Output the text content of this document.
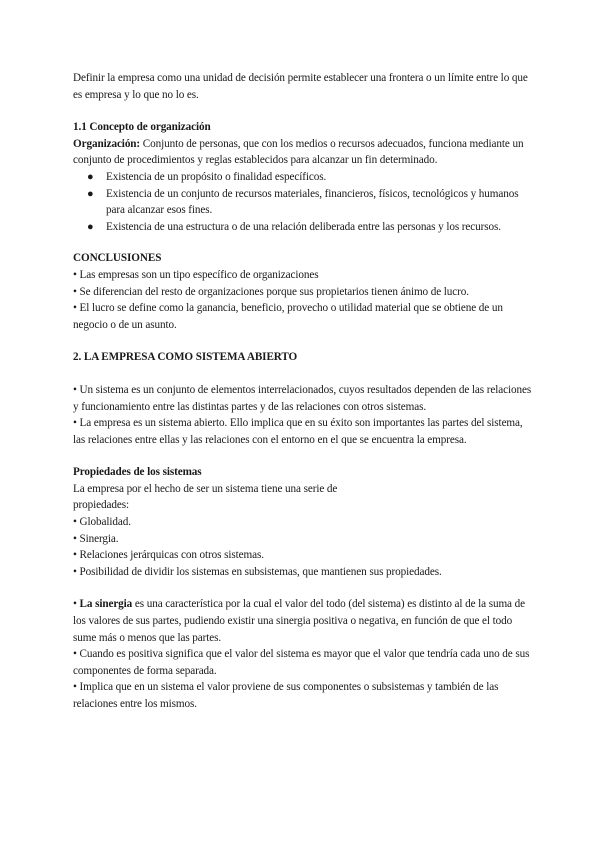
Definir la empresa como una unidad de decisión permite establecer una frontera o un límite entre lo que es empresa y lo que no lo es.

1.1 Concepto de organización

Organización: Conjunto de personas, que con los medios o recursos adecuados, funciona mediante un conjunto de procedimientos y reglas establecidos para alcanzar un fin determinado.

● Existencia de un propósito o finalidad específicos.
● Existencia de un conjunto de recursos materiales, financieros, físicos, tecnológicos y humanos para alcanzar esos fines.
● Existencia de una estructura o de una relación deliberada entre las personas y los recursos.

CONCLUSIONES

• Las empresas son un tipo específico de organizaciones

• Se diferencian del resto de organizaciones porque sus propietarios tienen ánimo de lucro.

• El lucro se define como la ganancia, beneficio, provecho o utilidad material que se obtiene de un negocio o de un asunto.

2. LA EMPRESA COMO SISTEMA ABIERTO

• Un sistema es un conjunto de elementos interrelacionados, cuyos resultados dependen de las relaciones y funcionamiento entre las distintas partes y de las relaciones con otros sistemas.

• La empresa es un sistema abierto. Ello implica que en su éxito son importantes las partes del sistema, las relaciones entre ellas y las relaciones con el entorno en el que se encuentra la empresa.

Propiedades de los sistemas

La empresa por el hecho de ser un sistema tiene una serie de

propiedades:

• Globalidad.

• Sinergia.

• Relaciones jerárquicas con otros sistemas.

• Posibilidad de dividir los sistemas en subsistemas, que mantienen sus propiedades.

• La sinergia es una característica por la cual el valor del todo (del sistema) es distinto al de la suma de los valores de sus partes, pudiendo existir una sinergia positiva o negativa, en función de que el todo sume más o menos que las partes.

• Cuando es positiva significa que el valor del sistema es mayor que el valor que tendría cada uno de sus componentes de forma separada.

• Implica que en un sistema el valor proviene de sus componentes o subsistemas y también de las relaciones entre los mismos.
